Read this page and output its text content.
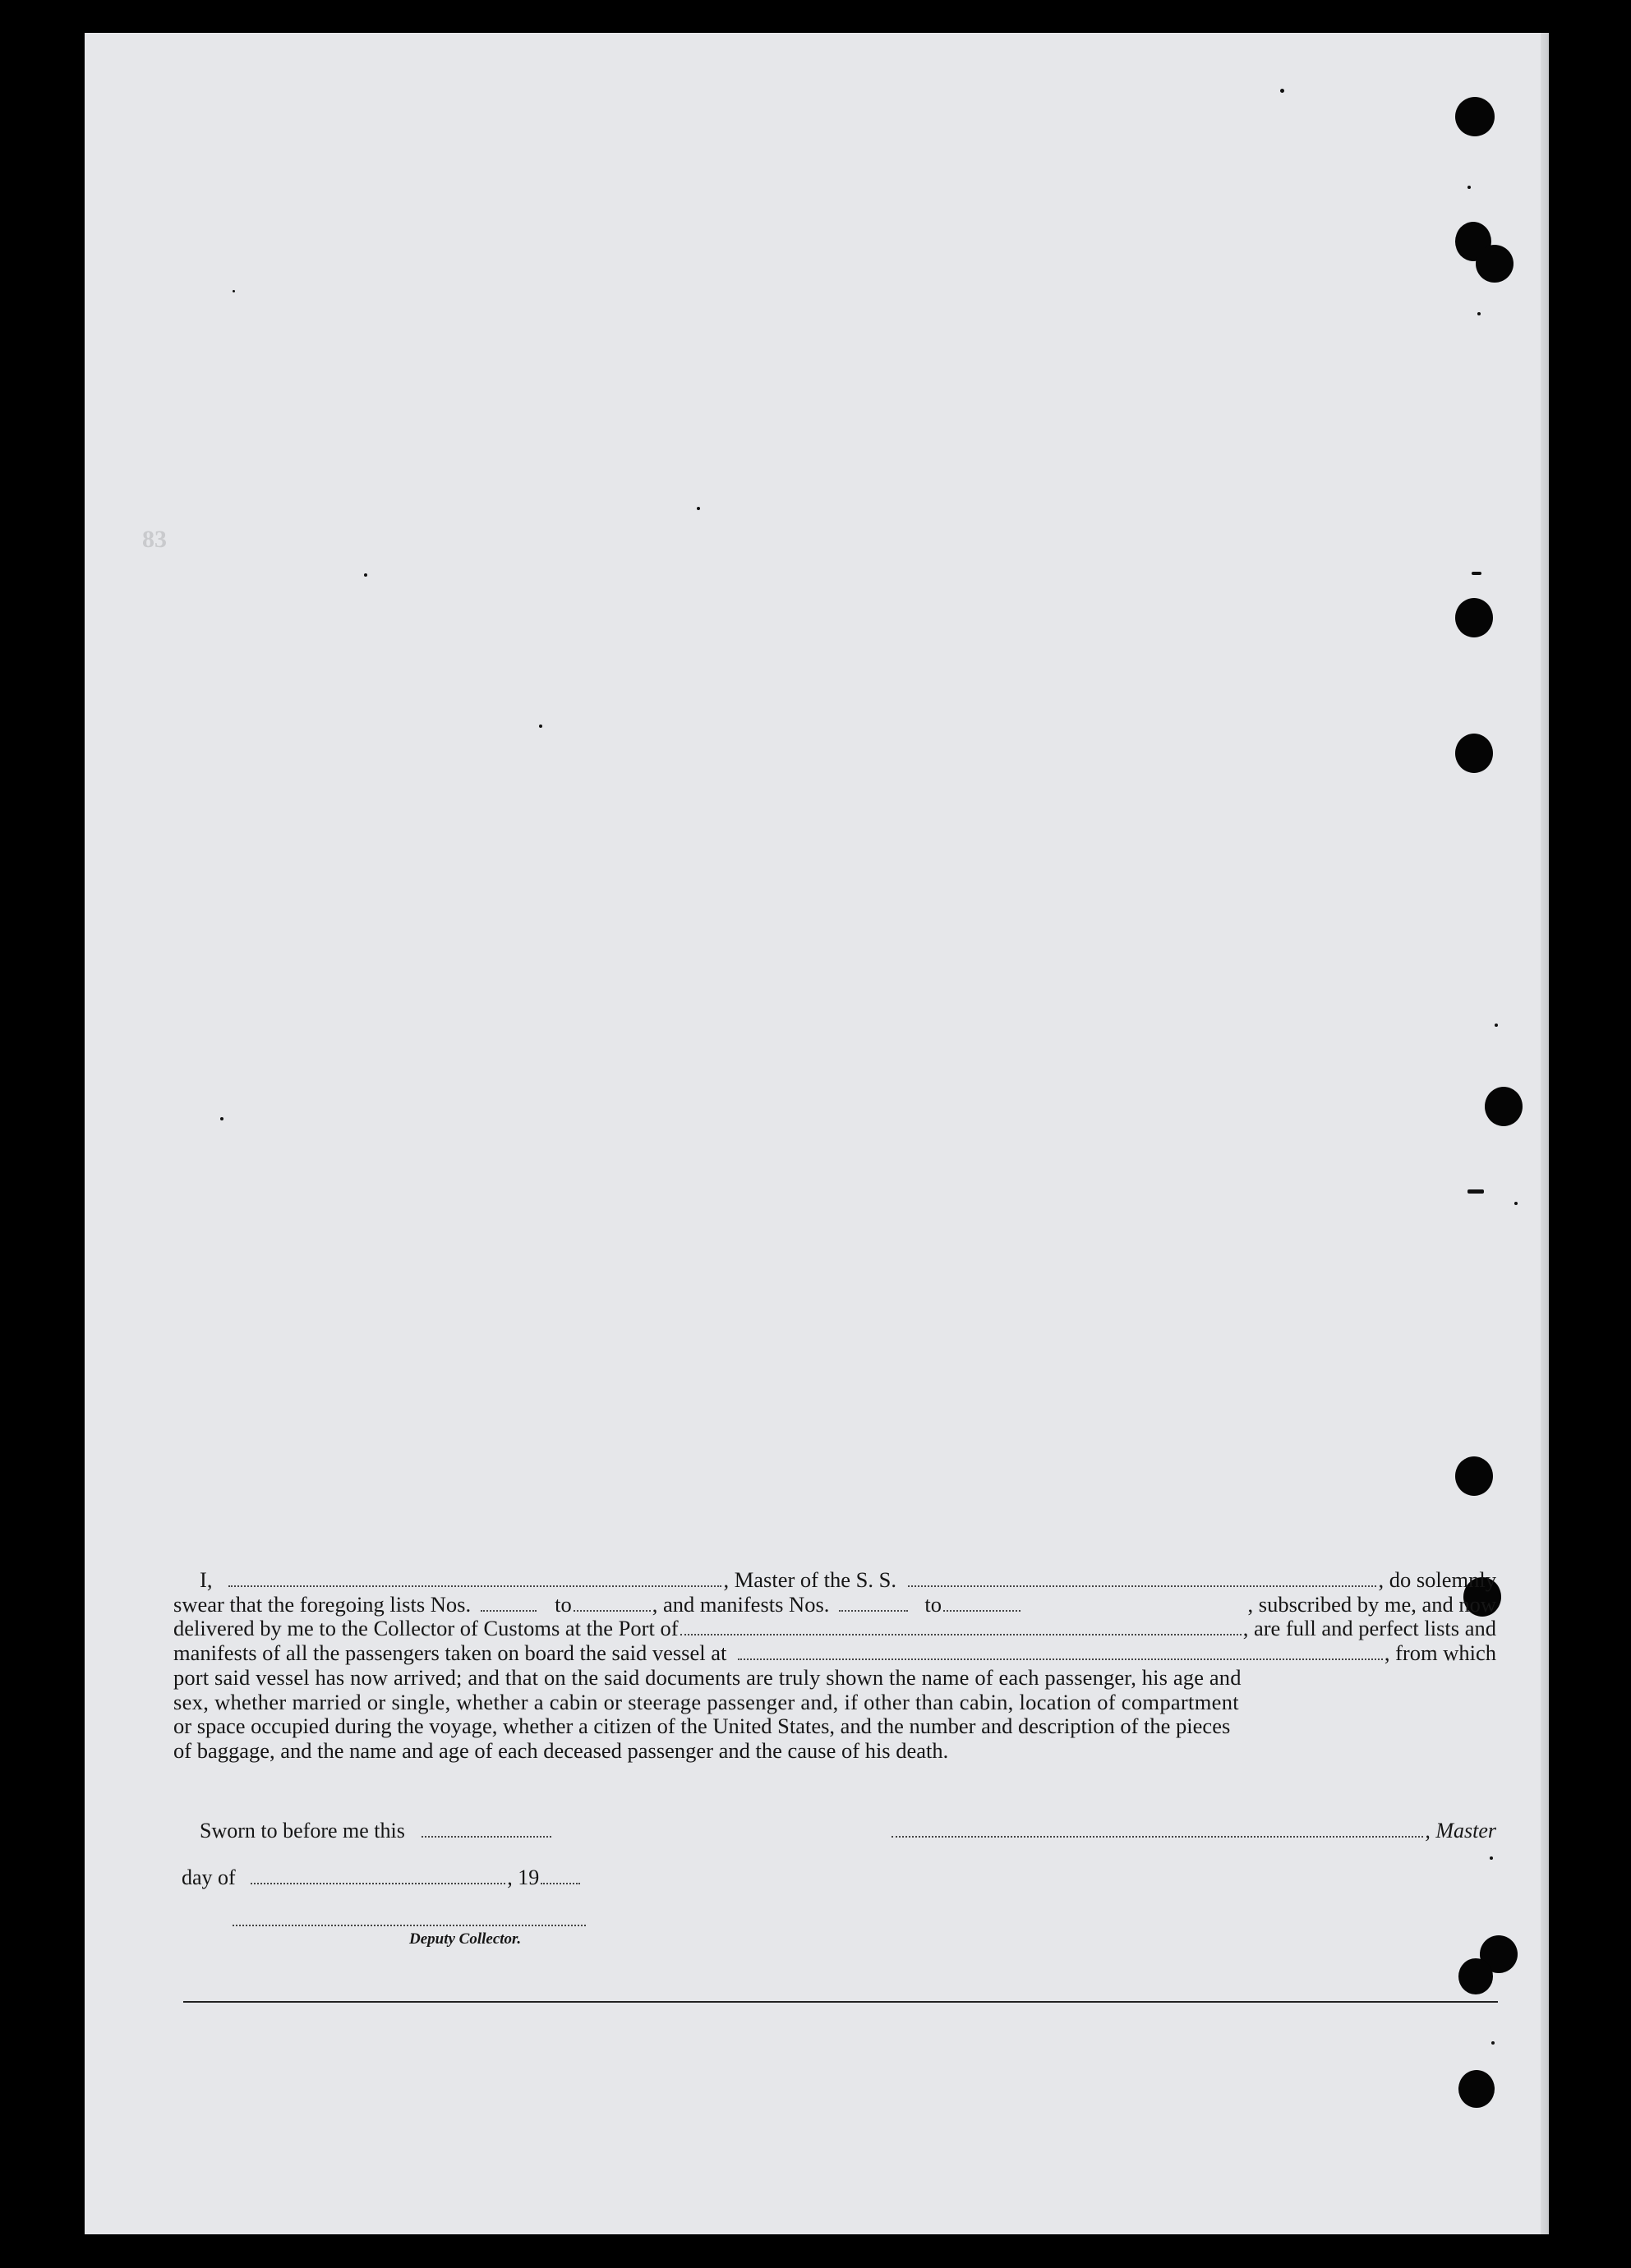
83
I,	, Master of the S. S.	, do solemnly
swear that the foregoing lists Nos.	to	, and manifests Nos.	to	, subscribed by me, and now
delivered by me to the Collector of Customs at the Port of	, are full and perfect lists and
manifests of all the passengers taken on board the said vessel at	, from which
port said vessel has now arrived; and that on the said documents are truly shown the name of each passenger, his age and
sex, whether married or single, whether a cabin or steerage passenger and, if other than cabin, location of compartment
or space occupied during the voyage, whether a citizen of the United States, and the number and description of the pieces
of baggage, and the name and age of each deceased passenger and the cause of his death.
Sworn to before me this	, Master
day of	, 19
Deputy Collector.
